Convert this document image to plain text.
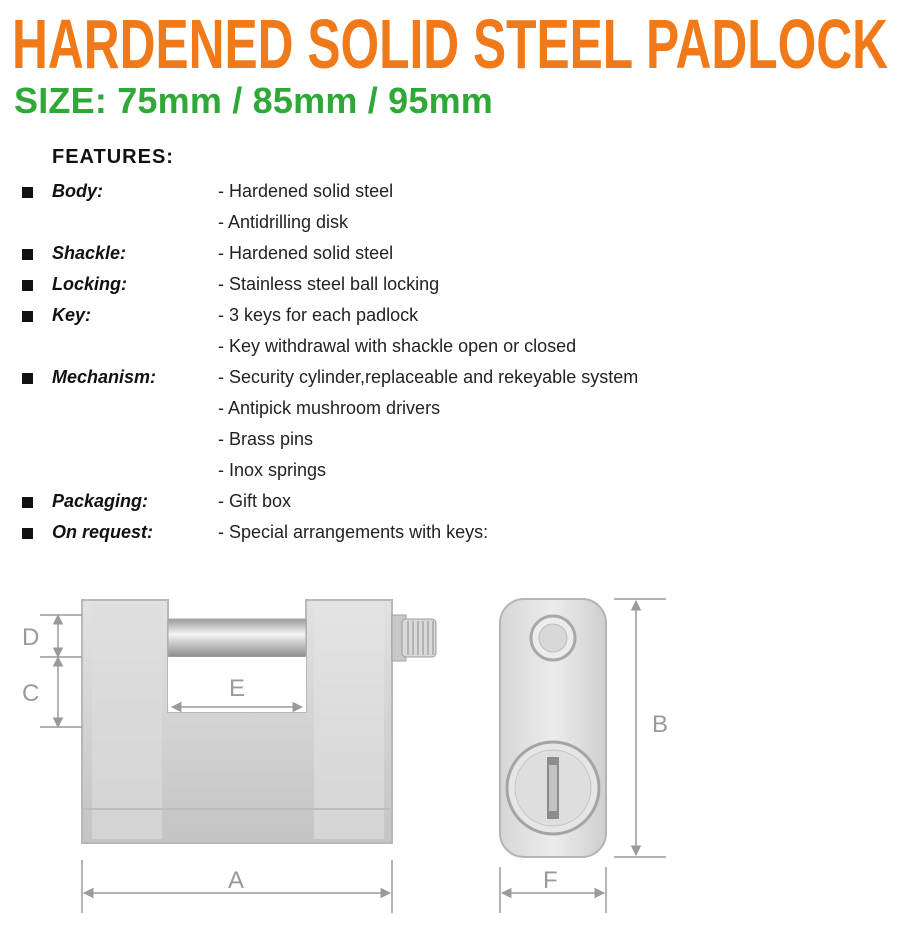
HARDENED SOLID STEEL PADLOCK
SIZE: 75mm / 85mm / 95mm
FEATURES:
Body:	- Hardened solid steel
- Antidrilling disk
Shackle:	- Hardened solid steel
Locking:	- Stainless steel ball locking
Key:	- 3 keys for each padlock
- Key withdrawal with shackle open or closed
Mechanism:	- Security cylinder,replaceable and rekeyable system
- Antipick mushroom drivers
- Brass pins
- Inox springs
Packaging:	- Gift box
On request:	- Special arrangements with keys:
D
C	E
A	F
B
